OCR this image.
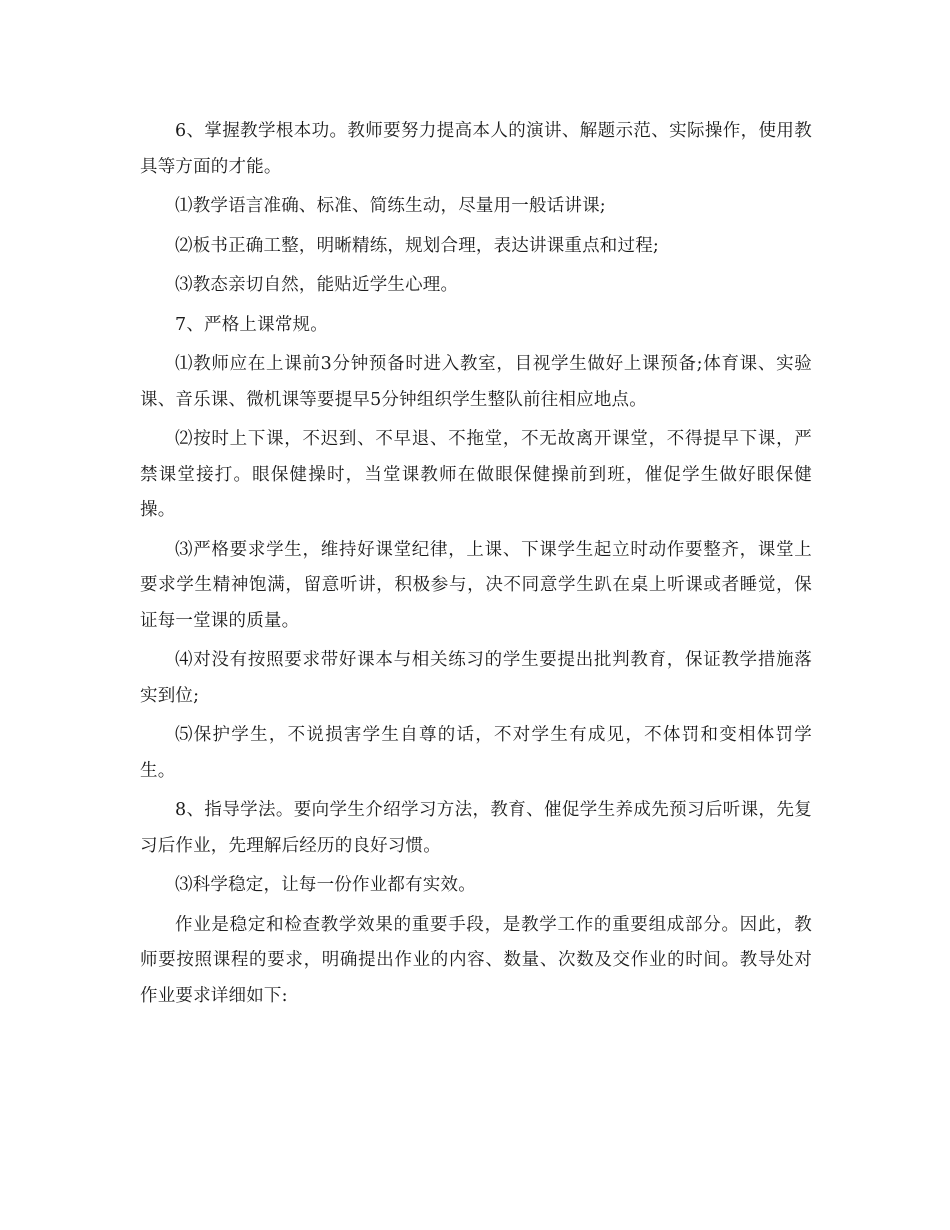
6、掌握教学根本功。教师要努力提高本人的演讲、解题示范、实际操作，使用教具等方面的才能。

⑴教学语言准确、标准、简练生动，尽量用一般话讲课;

⑵板书正确工整，明晰精练，规划合理，表达讲课重点和过程;

⑶教态亲切自然，能贴近学生心理。

7、严格上课常规。

⑴教师应在上课前3分钟预备时进入教室，目视学生做好上课预备;体育课、实验课、音乐课、微机课等要提早5分钟组织学生整队前往相应地点。

⑵按时上下课，不迟到、不早退、不拖堂，不无故离开课堂，不得提早下课，严禁课堂接打。眼保健操时，当堂课教师在做眼保健操前到班，催促学生做好眼保健操。

⑶严格要求学生，维持好课堂纪律，上课、下课学生起立时动作要整齐，课堂上要求学生精神饱满，留意听讲，积极参与，决不同意学生趴在桌上听课或者睡觉，保证每一堂课的质量。

⑷对没有按照要求带好课本与相关练习的学生要提出批判教育，保证教学措施落实到位;

⑸保护学生，不说损害学生自尊的话，不对学生有成见，不体罚和变相体罚学生。

8、指导学法。要向学生介绍学习方法，教育、催促学生养成先预习后听课，先复习后作业，先理解后经历的良好习惯。

⑶科学稳定，让每一份作业都有实效。

作业是稳定和检查教学效果的重要手段，是教学工作的重要组成部分。因此，教师要按照课程的要求，明确提出作业的内容、数量、次数及交作业的时间。教导处对作业要求详细如下:
